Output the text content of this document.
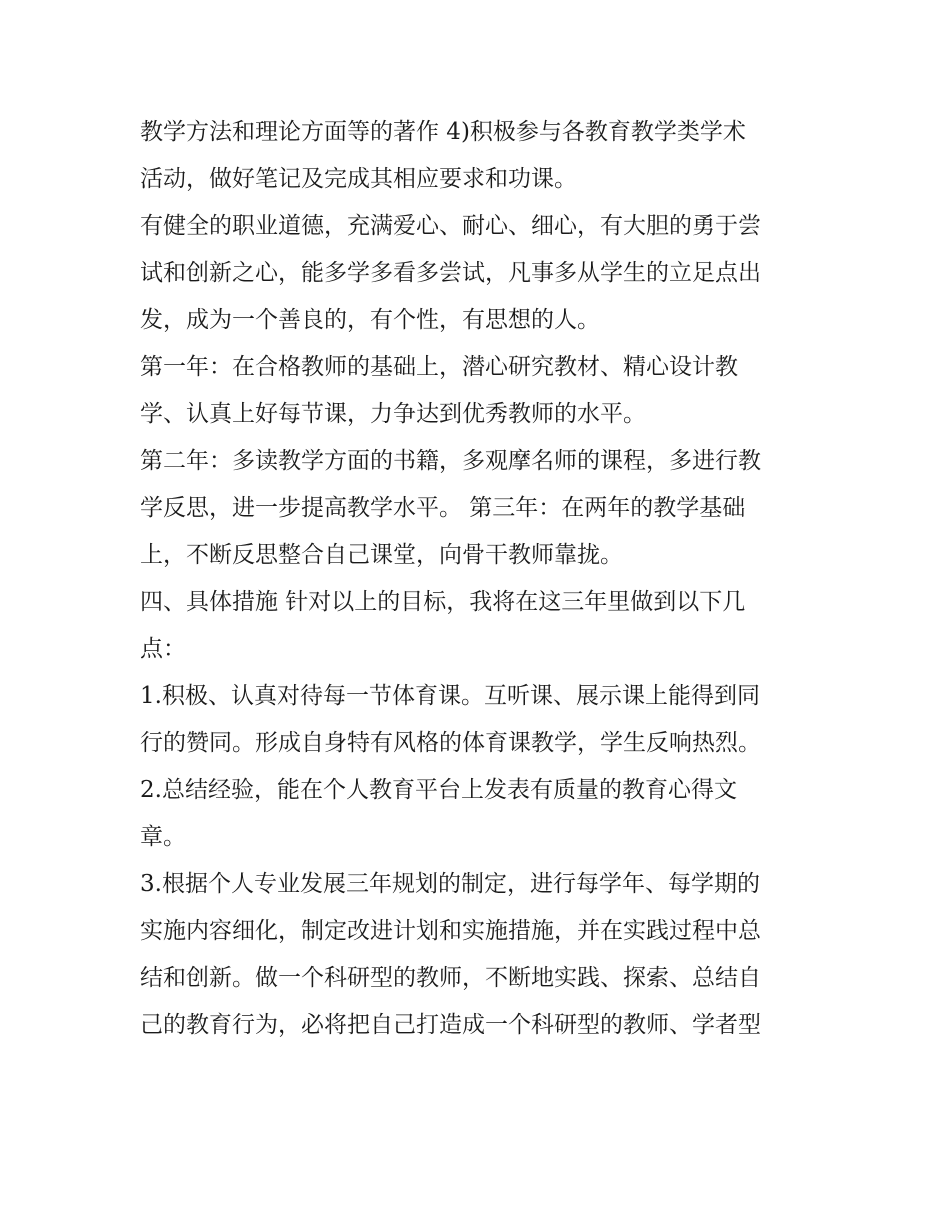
教学方法和理论方面等的著作 4)积极参与各教育教学类学术
活动，做好笔记及完成其相应要求和功课。

有健全的职业道德，充满爱心、耐心、细心，有大胆的勇于尝
试和创新之心，能多学多看多尝试，凡事多从学生的立足点出
发，成为一个善良的，有个性，有思想的人。

第一年：在合格教师的基础上，潜心研究教材、精心设计教
学、认真上好每节课，力争达到优秀教师的水平。

第二年：多读教学方面的书籍，多观摩名师的课程，多进行教
学反思，进一步提高教学水平。 第三年：在两年的教学基础
上，不断反思整合自己课堂，向骨干教师靠拢。

四、具体措施 针对以上的目标，我将在这三年里做到以下几
点：

1.积极、认真对待每一节体育课。互听课、展示课上能得到同
行的赞同。形成自身特有风格的体育课教学，学生反响热烈。

2.总结经验，能在个人教育平台上发表有质量的教育心得文
章。

3.根据个人专业发展三年规划的制定，进行每学年、每学期的
实施内容细化，制定改进计划和实施措施，并在实践过程中总
结和创新。做一个科研型的教师，不断地实践、探索、总结自
己的教育行为，必将把自己打造成一个科研型的教师、学者型
